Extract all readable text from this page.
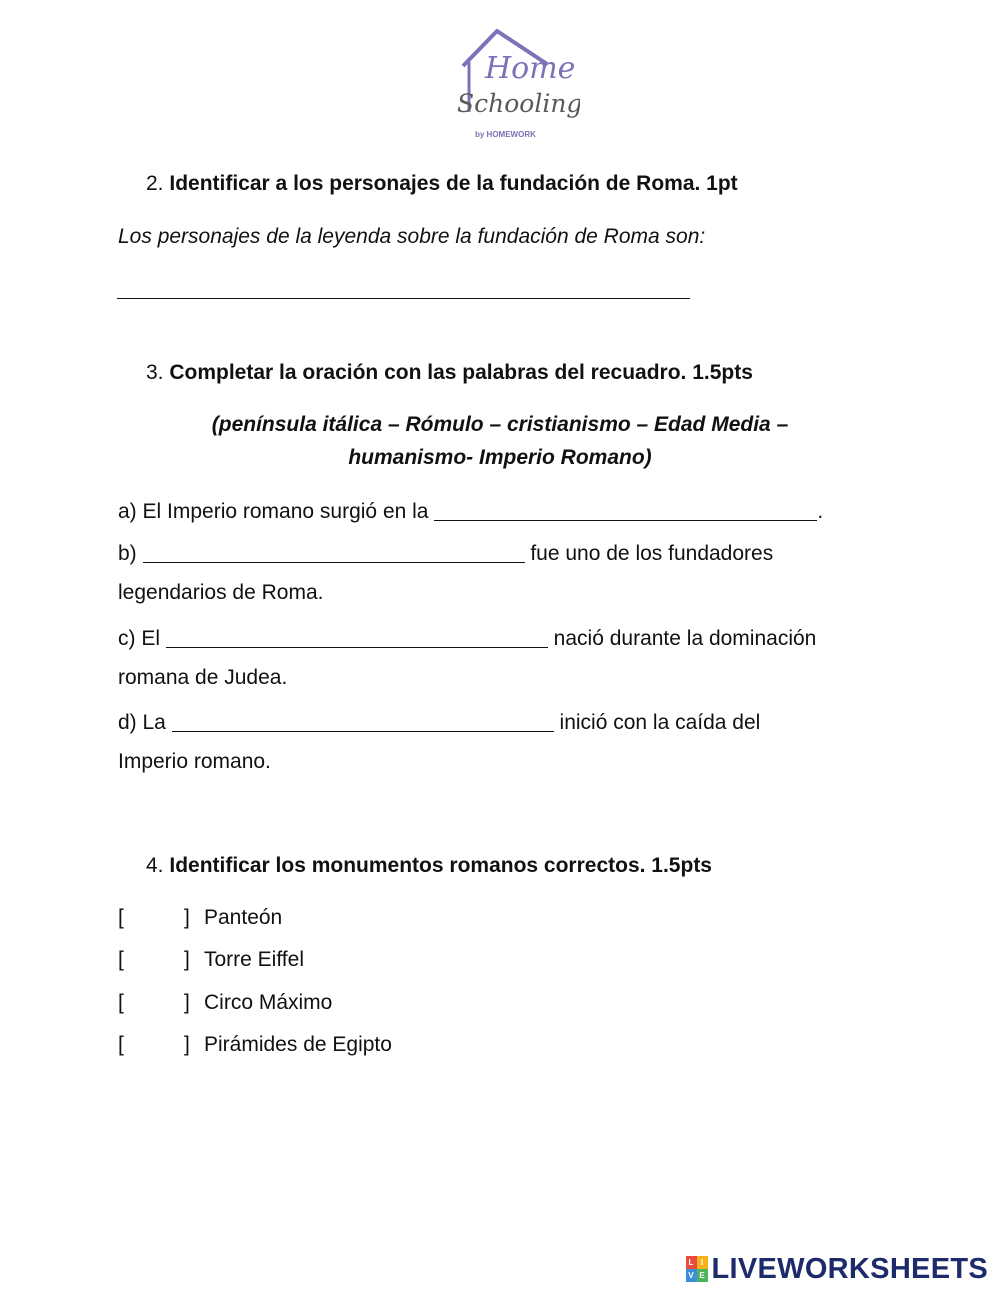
Home
Schooling
by HOMEWORK
2. Identificar a los personajes de la fundación de Roma. 1pt
Los personajes de la leyenda sobre la fundación de Roma son:
3. Completar la oración con las palabras del recuadro. 1.5pts
(península itálica – Rómulo – cristianismo – Edad Media –
humanismo- Imperio Romano)
a) El Imperio romano surgió en la	.
b)	fue uno de los fundadores
legendarios de Roma.
c) El	nació durante la dominación
romana de Judea.
d) La	inició con la caída del
Imperio romano.
4. Identificar los monumentos romanos correctos. 1.5pts
[	] Panteón
[	] Torre Eiffel
[	] Circo Máximo
[	] Pirámides de Egipto
L I
V E LIVEWORKSHEETS
